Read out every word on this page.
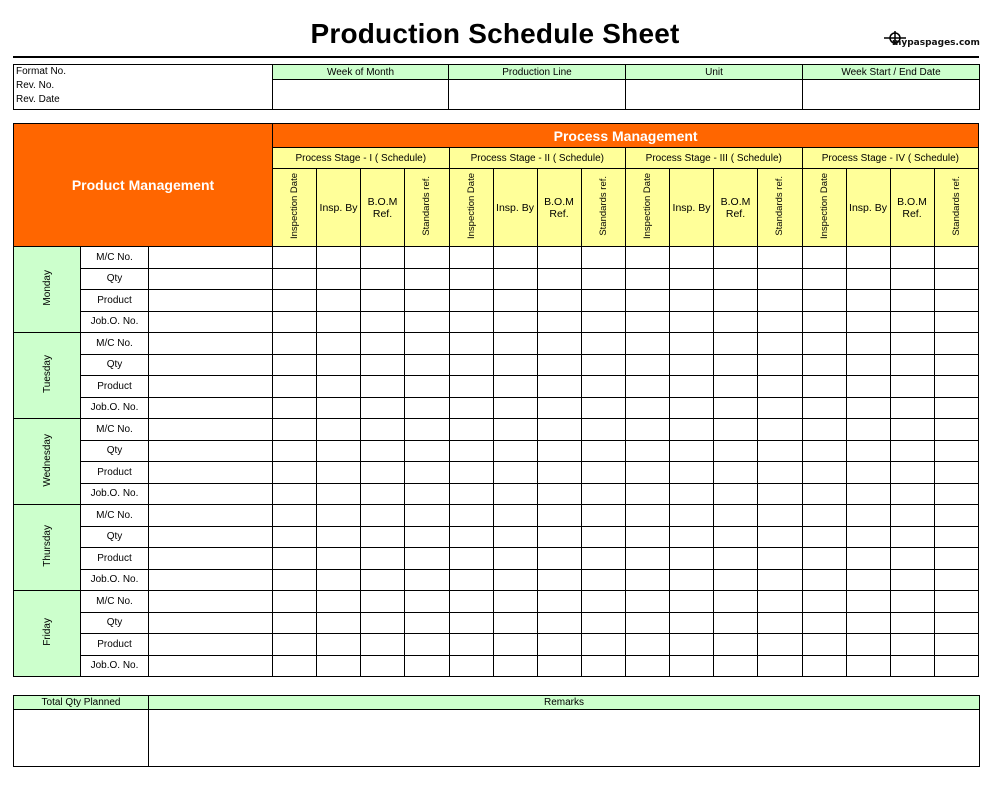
Production Schedule Sheet	mypaspages.com
Format No.
Rev. No.
Rev. Date	Week of Month	Production Line	Unit	Week Start / End Date

Product Management			Process Management															
			Process Stage - I ( Schedule)				Process Stage - II ( Schedule)				Process Stage - III ( Schedule)				Process Stage - IV ( Schedule)			
			Inspection Date	Insp. By	B.O.M Ref.	Standards ref.	Inspection Date	Insp. By	B.O.M Ref.	Standards ref.	Inspection Date	Insp. By	B.O.M Ref.	Standards ref.	Inspection Date	Insp. By	B.O.M Ref.	Standards ref.
Monday	M/C No.																	
	Qty																	
	Product																	
	Job.O. No.																	
Tuesday	M/C No.																	
	Qty																	
	Product																	
	Job.O. No.																	
Wednesday	M/C No.																	
	Qty																	
	Product																	
	Job.O. No.																	
Thursday	M/C No.																	
	Qty																	
	Product																	
	Job.O. No.																	
Friday	M/C No.																	
	Qty																	
	Product																	
	Job.O. No.																	
Total Qty Planned	Remarks
